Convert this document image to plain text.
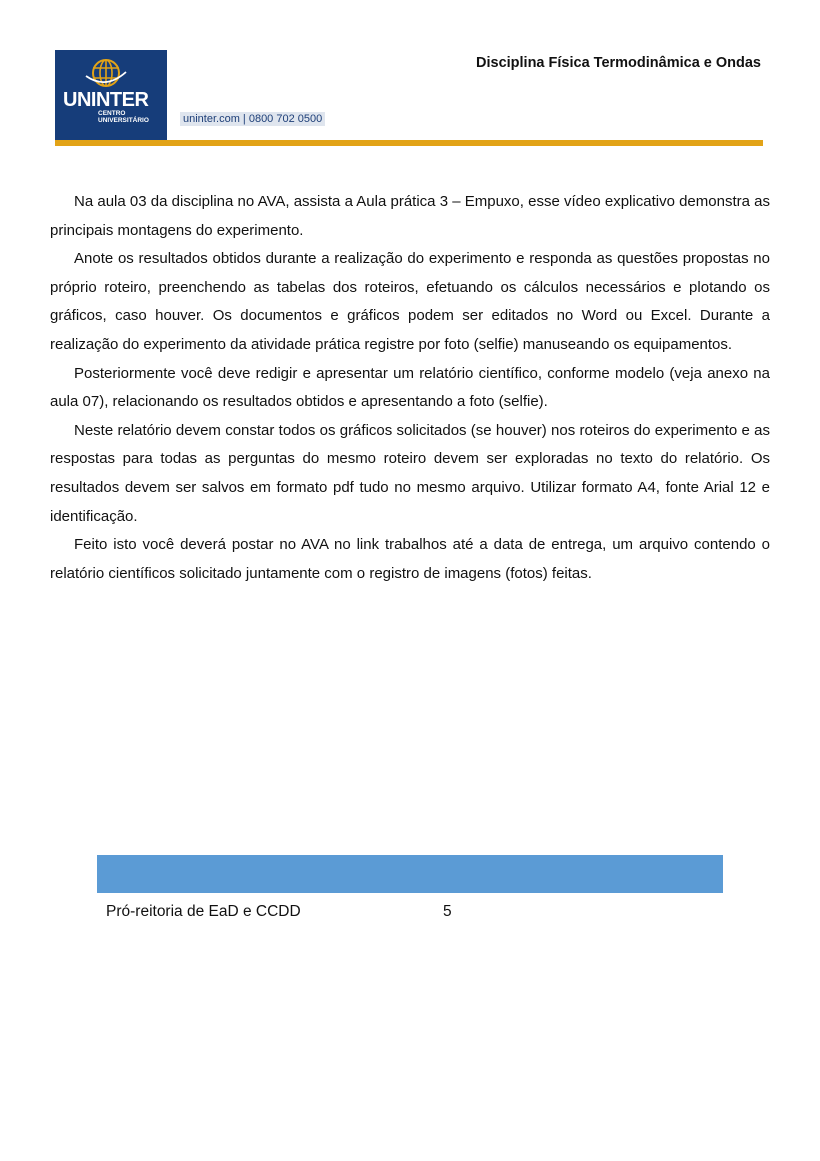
UNINTER
CENTRO
UNIVERSITÁRIO	uninter.com | 0800 702 0500
Disciplina Física Termodinâmica e Ondas

Na aula 03 da disciplina no AVA, assista a Aula prática 3 – Empuxo, esse vídeo explicativo demonstra as principais montagens do experimento.

Anote os resultados obtidos durante a realização do experimento e responda as questões propostas no próprio roteiro, preenchendo as tabelas dos roteiros, efetuando os cálculos necessários e plotando os gráficos, caso houver. Os documentos e gráficos podem ser editados no Word ou Excel. Durante a realização do experimento da atividade prática registre por foto (selfie) manuseando os equipamentos.

Posteriormente você deve redigir e apresentar um relatório científico, conforme modelo (veja anexo na aula 07), relacionando os resultados obtidos e apresentando a foto (selfie).

Neste relatório devem constar todos os gráficos solicitados (se houver) nos roteiros do experimento e as respostas para todas as perguntas do mesmo roteiro devem ser exploradas no texto do relatório. Os resultados devem ser salvos em formato pdf tudo no mesmo arquivo. Utilizar formato A4, fonte Arial 12 e identificação.

Feito isto você deverá postar no AVA no link trabalhos até a data de entrega, um arquivo contendo o relatório científicos solicitado juntamente com o registro de imagens (fotos) feitas.

Pró-reitoria de EaD e CCDD	5
